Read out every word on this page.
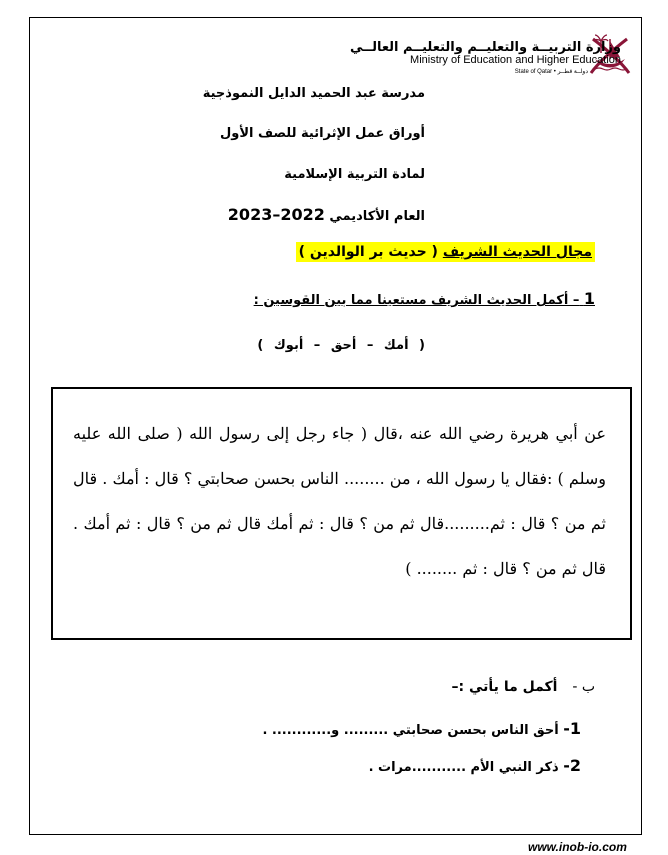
وزارة التربيــة والتعليــم والتعليــم العالــي
Ministry of Education and Higher Education
State of Qatar • دولــة قطــر
مدرسة عبد الحميد الدايل النموذجية
أوراق عمل الإثرائية للصف الأول
لمادة التربية الإسلامية
العام الأكاديمي 2022–2023
مجال الحديث الشريف ( حديث بر الوالدين )
1 – أكمل الحديث الشريف مستعينا مما بين القوسين :
( أمك – أحق – أبوك )
عن أبي هريرة رضي الله عنه ،قال ( جاء رجل إلى رسول الله ( صلى الله عليه وسلم ) :فقال يا رسول الله ، من ........ الناس بحسن صحابتي ؟ قال : أمك . قال ثم من ؟ قال : ثم.........قال ثم من ؟ قال : ثم أمك قال ثم من ؟ قال : ثم أمك . قال ثم من ؟ قال : ثم ........ )
ب - أكمل ما يأتي :–
1- أحق الناس بحسن صحابتي ......... و............ .
2- ذكر النبي الأم ...........مرات .
www.inob-io.com
